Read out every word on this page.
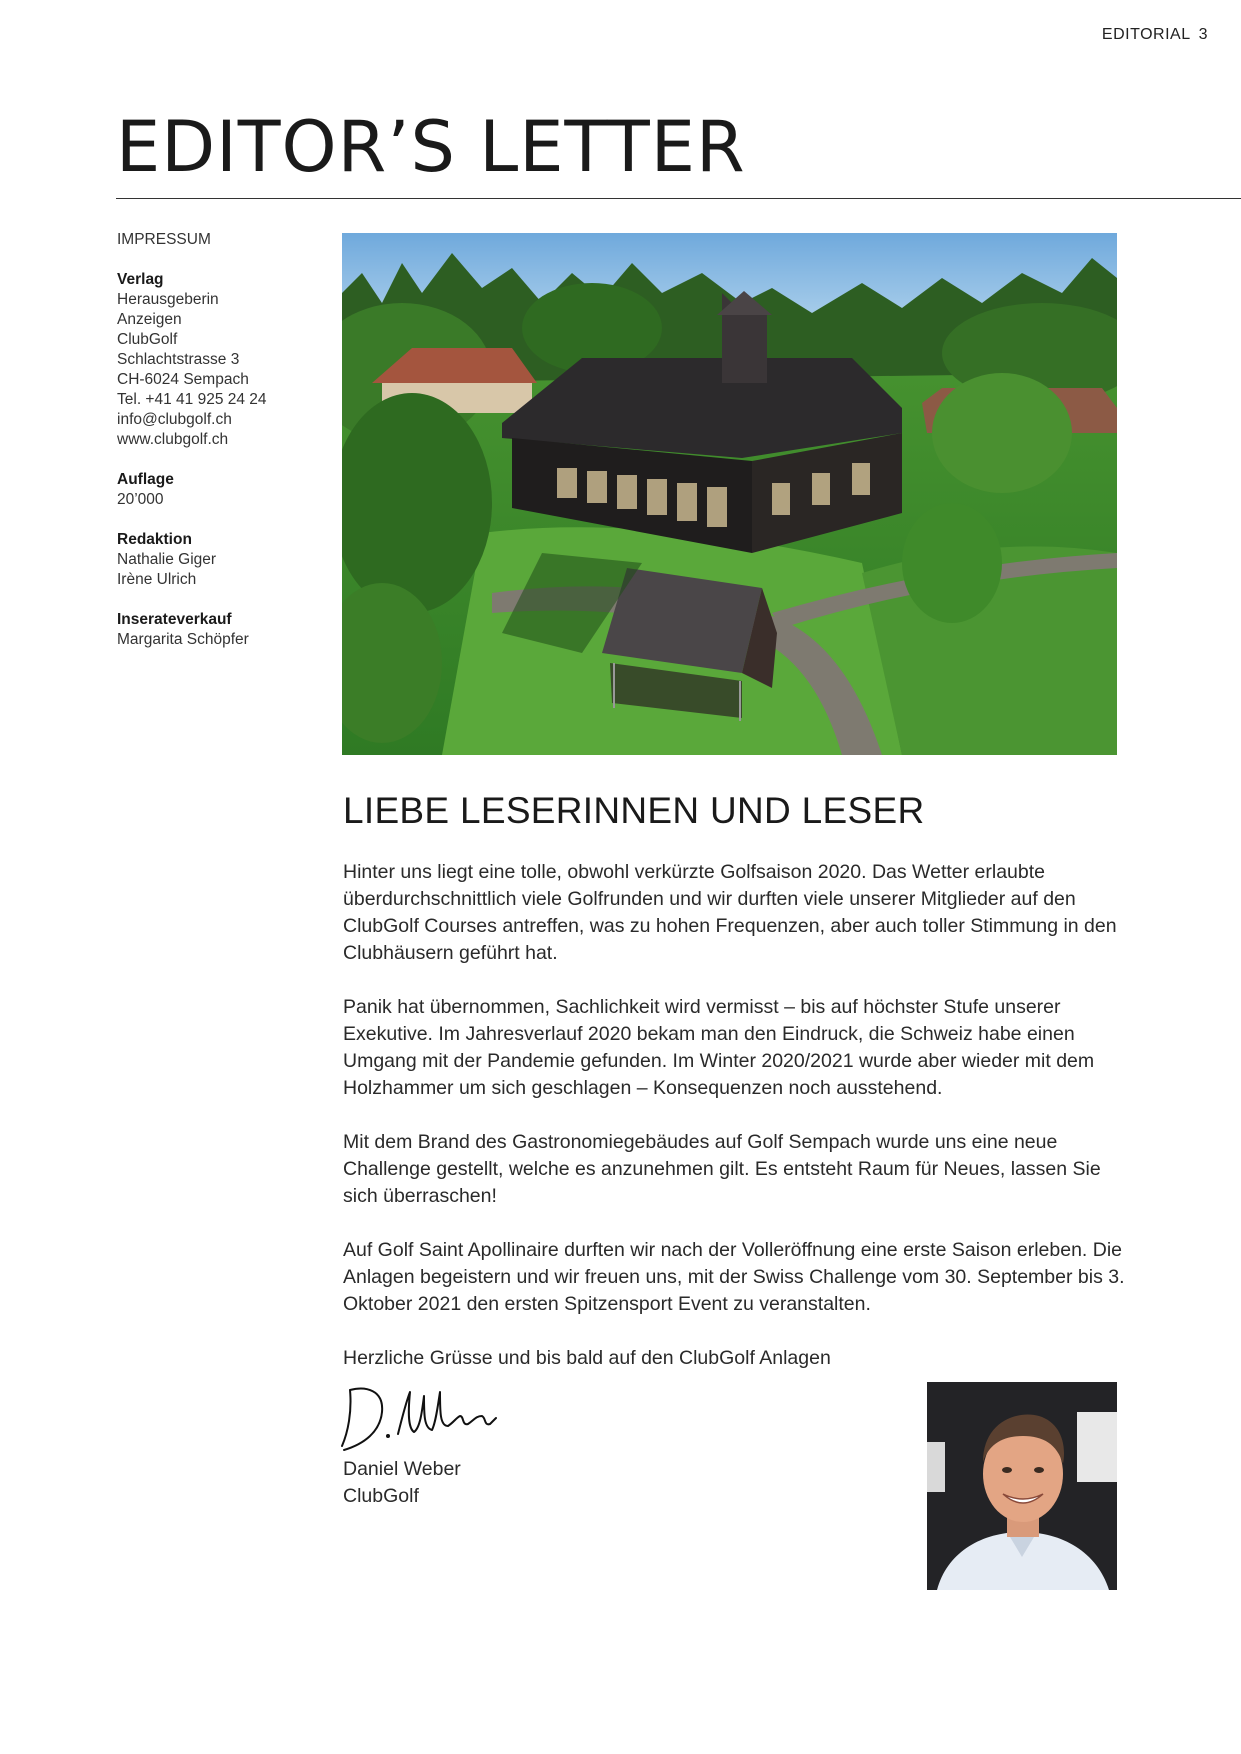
EDITORIAL 3
EDITOR’S LETTER
IMPRESSUM
Verlag
Herausgeberin
Anzeigen
ClubGolf
Schlachtstrasse 3
CH-6024 Sempach
Tel. +41 41 925 24 24
info@clubgolf.ch
www.clubgolf.ch
Auflage
20’000
Redaktion
Nathalie Giger
Irène Ulrich
Inserateverkauf
Margarita Schöpfer
LIEBE LESERINNEN UND LESER

Hinter uns liegt eine tolle, obwohl verkürzte Golfsaison 2020. Das Wetter erlaubte überdurchschnittlich viele Golfrunden und wir durften viele unserer Mitglieder auf den ClubGolf Courses antreffen, was zu hohen Frequenzen, aber auch toller Stimmung in den Clubhäusern geführt hat.

Panik hat übernommen, Sachlichkeit wird vermisst – bis auf höchster Stufe unserer Exekutive. Im Jahresverlauf 2020 bekam man den Eindruck, die Schweiz habe einen Umgang mit der Pandemie gefunden. Im Winter 2020/2021 wurde aber wieder mit dem Holzhammer um sich geschlagen – Konsequenzen noch ausstehend.

Mit dem Brand des Gastronomiegebäudes auf Golf Sempach wurde uns eine neue Challenge gestellt, welche es anzunehmen gilt. Es entsteht Raum für Neues, lassen Sie sich überraschen!

Auf Golf Saint Apollinaire durften wir nach der Volleröffnung eine erste Saison erleben. Die Anlagen begeistern und wir freuen uns, mit der Swiss Challenge vom 30. September bis 3. Oktober 2021 den ersten Spitzensport Event zu veranstalten.

Herzliche Grüsse und bis bald auf den ClubGolf Anlagen

Daniel Weber
ClubGolf
